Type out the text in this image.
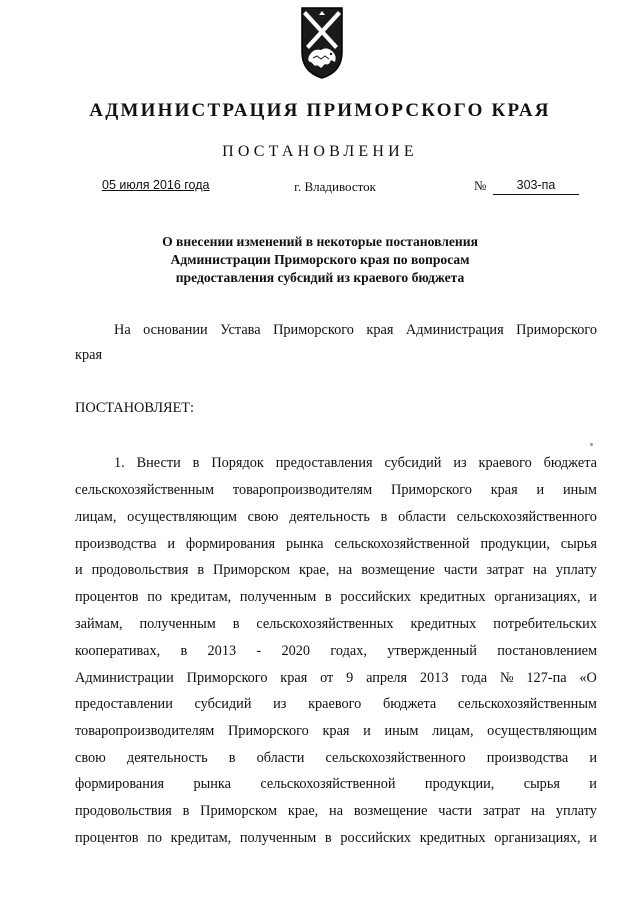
АДМИНИСТРАЦИЯ ПРИМОРСКОГО КРАЯ
ПОСТАНОВЛЕНИЕ
05 июля 2016 года	г. Владивосток	№	303-па
О внесении изменений в некоторые постановления
Администрации Приморского края по вопросам
предоставления субсидий из краевого бюджета
На основании Устава Приморского края Администрация Приморского
края
ПОСТАНОВЛЯЕТ:
1. Внести в Порядок предоставления субсидий из краевого бюджета
сельскохозяйственным товаропроизводителям Приморского края и иным
лицам, осуществляющим свою деятельность в области сельскохозяйственного
производства и формирования рынка сельскохозяйственной продукции, сырья
и продовольствия в Приморском крае, на возмещение части затрат на уплату
процентов по кредитам, полученным в российских кредитных организациях, и
займам, полученным в сельскохозяйственных кредитных потребительских
кооперативах, в 2013 - 2020 годах, утвержденный постановлением
Администрации Приморского края от 9 апреля 2013 года № 127-па «О
предоставлении субсидий из краевого бюджета сельскохозяйственным
товаропроизводителям Приморского края и иным лицам, осуществляющим
свою деятельность в области сельскохозяйственного производства и
формирования рынка сельскохозяйственной продукции, сырья и
продовольствия в Приморском крае, на возмещение части затрат на уплату
процентов по кредитам, полученным в российских кредитных организациях, и
